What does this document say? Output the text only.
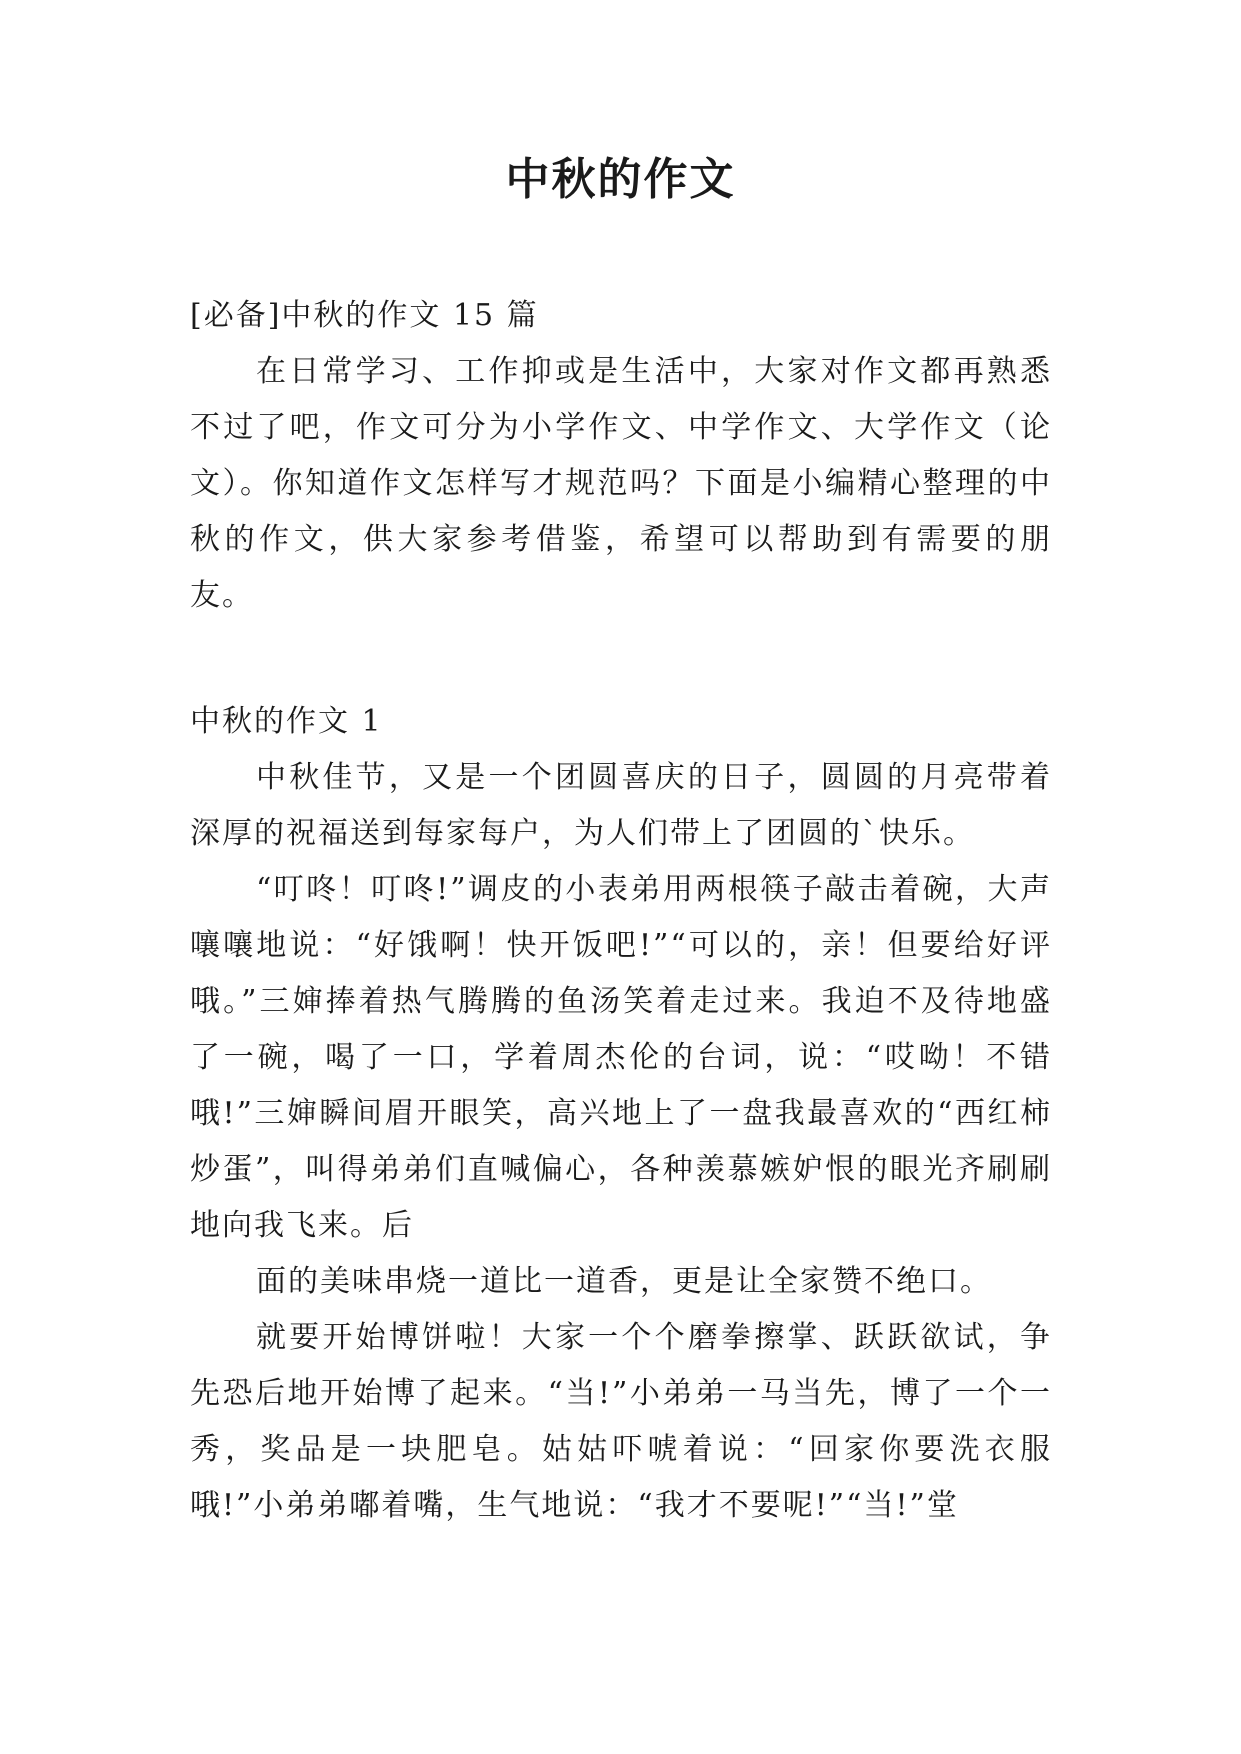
中秋的作文

[必备]中秋的作文 15 篇

在日常学习、工作抑或是生活中，大家对作文都再熟悉不过了吧，作文可分为小学作文、中学作文、大学作文（论文）。你知道作文怎样写才规范吗？下面是小编精心整理的中秋的作文，供大家参考借鉴，希望可以帮助到有需要的朋友。

中秋的作文 1

中秋佳节，又是一个团圆喜庆的日子，圆圆的月亮带着深厚的祝福送到每家每户，为人们带上了团圆的`快乐。

“叮咚！叮咚!”调皮的小表弟用两根筷子敲击着碗，大声嚷嚷地说：“好饿啊！快开饭吧!”“可以的，亲！但要给好评哦。”三婶捧着热气腾腾的鱼汤笑着走过来。我迫不及待地盛了一碗，喝了一口，学着周杰伦的台词，说：“哎呦！不错哦!”三婶瞬间眉开眼笑，高兴地上了一盘我最喜欢的“西红柿炒蛋”，叫得弟弟们直喊偏心，各种羡慕嫉妒恨的眼光齐刷刷地向我飞来。后

面的美味串烧一道比一道香，更是让全家赞不绝口。

就要开始博饼啦！大家一个个磨拳擦掌、跃跃欲试，争先恐后地开始博了起来。“当!”小弟弟一马当先，博了一个一秀，奖品是一块肥皂。姑姑吓唬着说：“回家你要洗衣服哦!”小弟弟嘟着嘴，生气地说：“我才不要呢!”“当!”堂
